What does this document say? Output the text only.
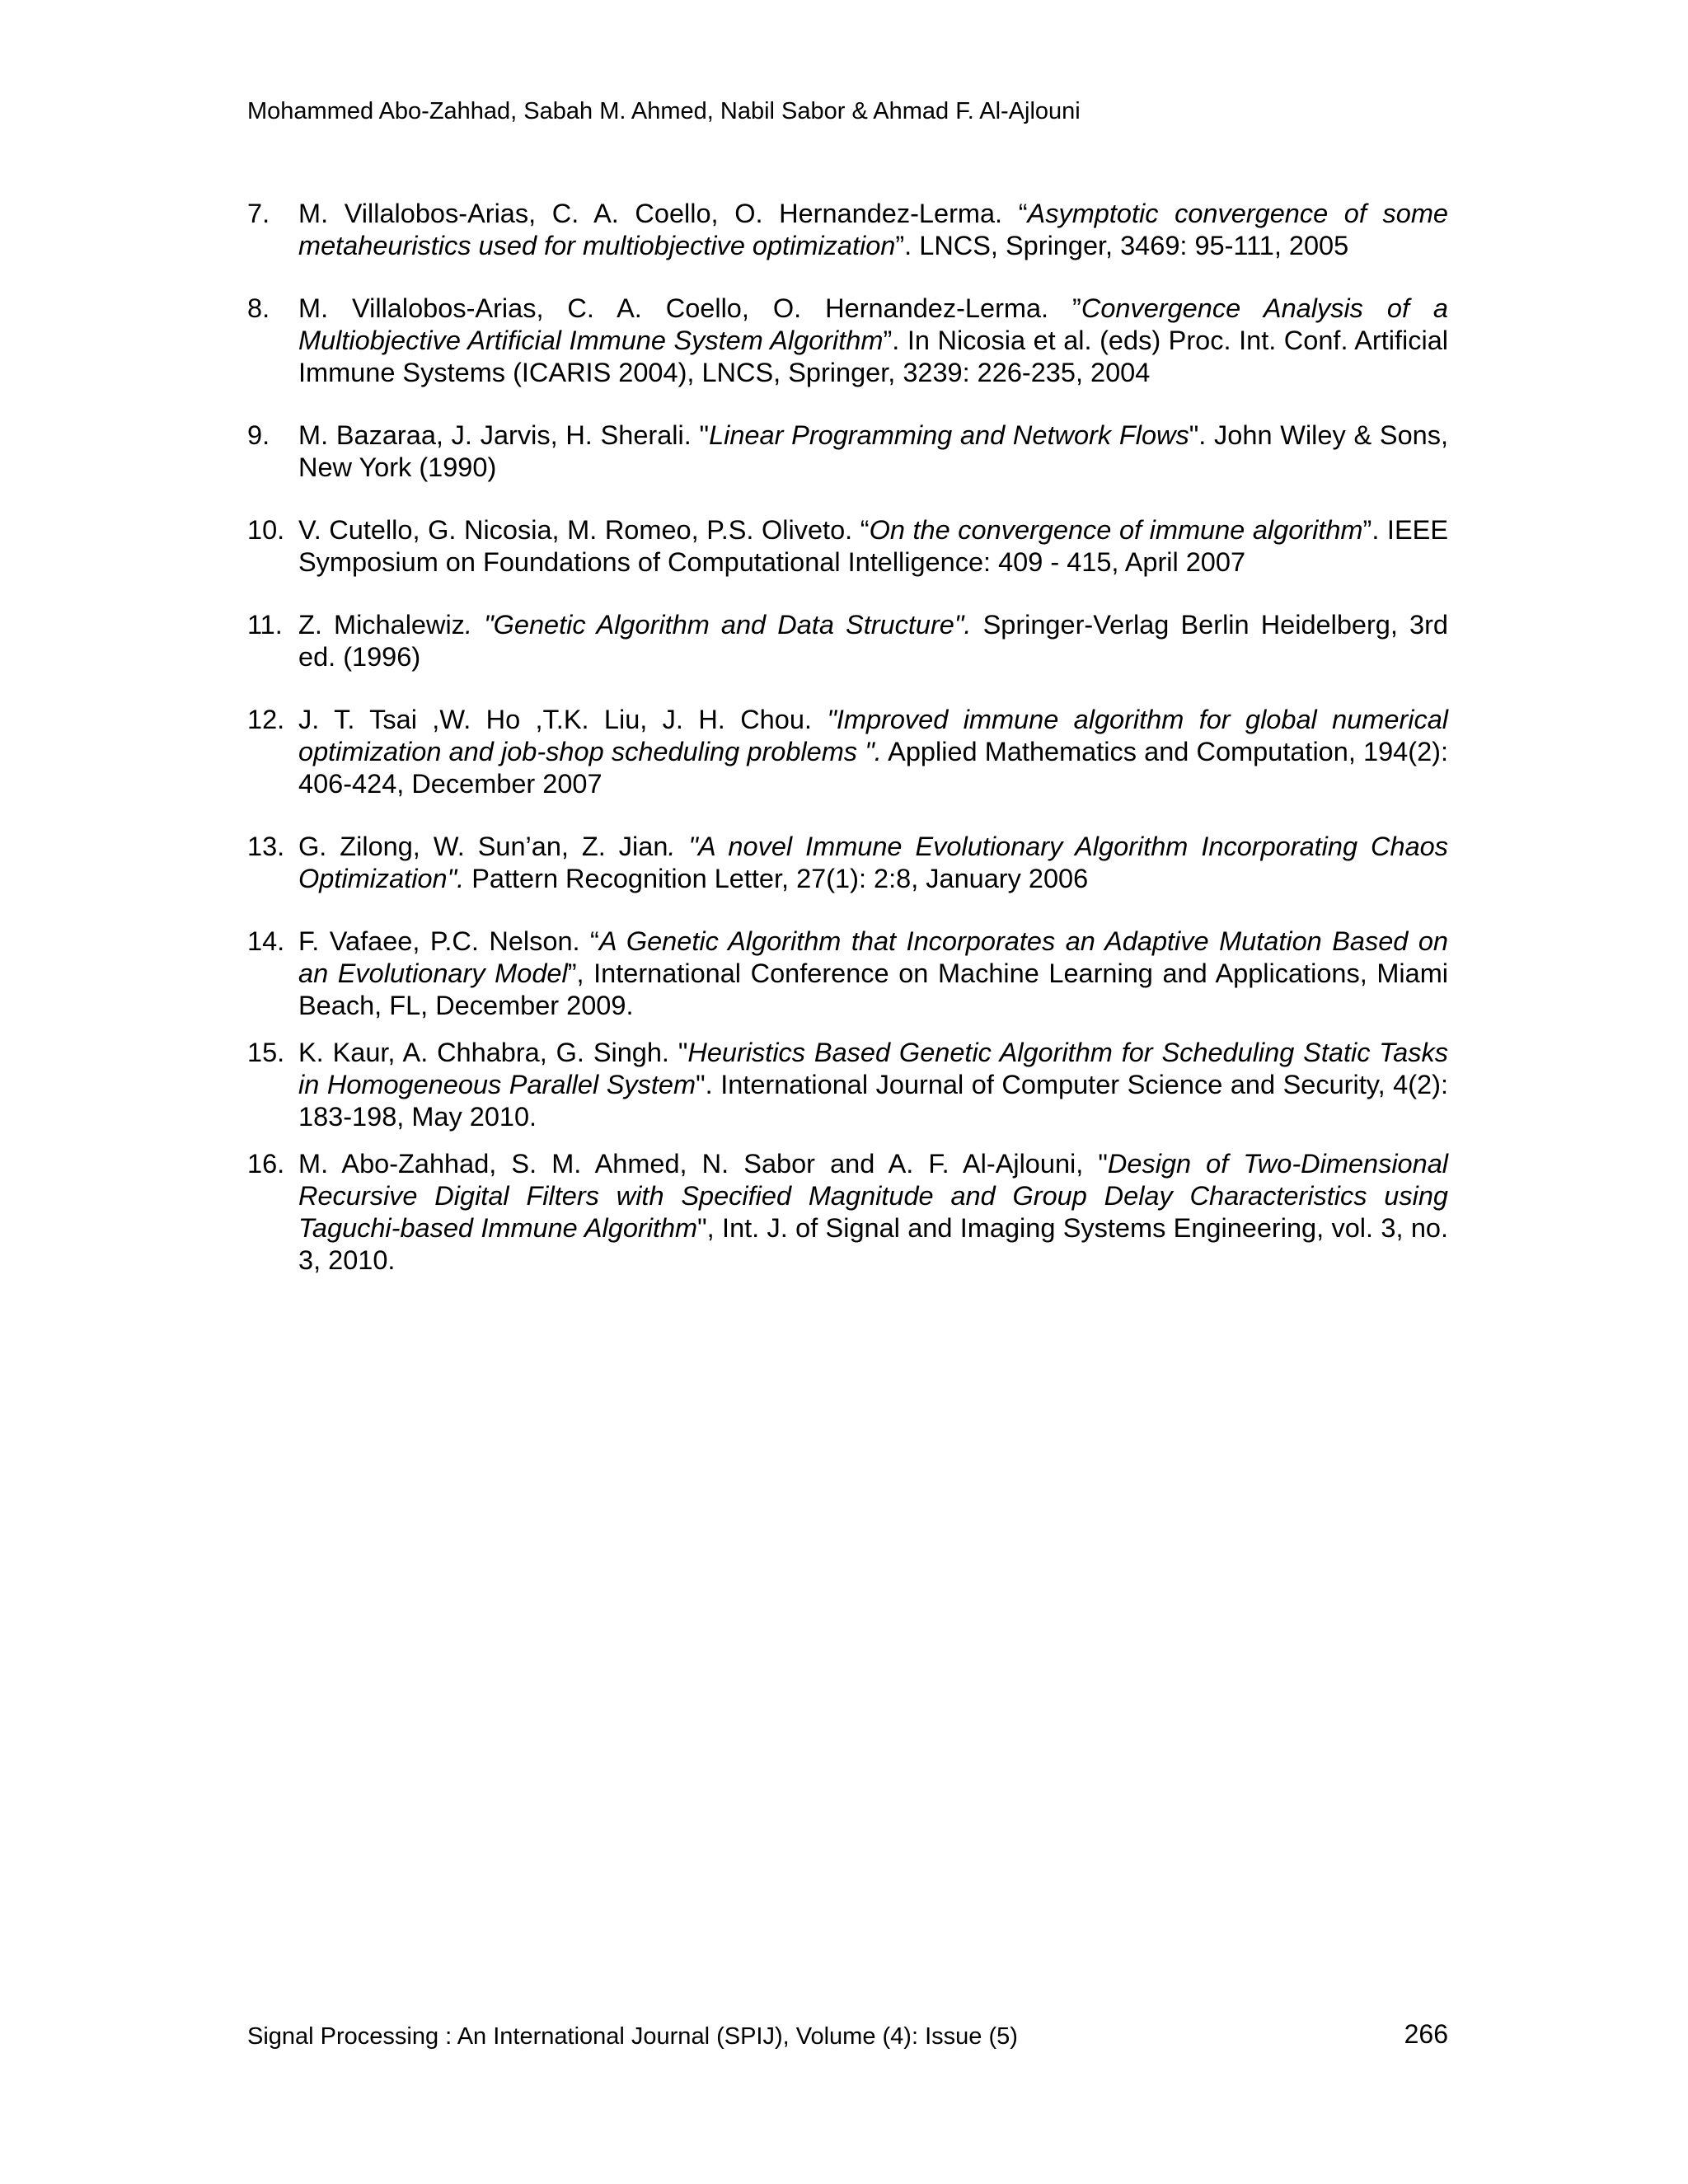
Mohammed Abo-Zahhad, Sabah M. Ahmed, Nabil Sabor & Ahmad F. Al-Ajlouni
7. M. Villalobos-Arias, C. A. Coello, O. Hernandez-Lerma. “Asymptotic convergence of some metaheuristics used for multiobjective optimization”. LNCS, Springer, 3469: 95-111, 2005
8. M. Villalobos-Arias, C. A. Coello, O. Hernandez-Lerma. ”Convergence Analysis of a Multiobjective Artificial Immune System Algorithm”. In Nicosia et al. (eds) Proc. Int. Conf. Artificial Immune Systems (ICARIS 2004), LNCS, Springer, 3239: 226-235, 2004
9. M. Bazaraa, J. Jarvis, H. Sherali. "Linear Programming and Network Flows". John Wiley & Sons, New York (1990)
10. V. Cutello, G. Nicosia, M. Romeo, P.S. Oliveto. “On the convergence of immune algorithm”. IEEE Symposium on Foundations of Computational Intelligence: 409 - 415, April 2007
11. Z. Michalewiz. "Genetic Algorithm and Data Structure". Springer-Verlag Berlin Heidelberg, 3rd ed. (1996)
12. J. T. Tsai ,W. Ho ,T.K. Liu, J. H. Chou. "Improved immune algorithm for global numerical optimization and job-shop scheduling problems ". Applied Mathematics and Computation, 194(2): 406-424, December 2007
13. G. Zilong, W. Sun’an, Z. Jian. "A novel Immune Evolutionary Algorithm Incorporating Chaos Optimization". Pattern Recognition Letter, 27(1): 2:8, January 2006
14. F. Vafaee, P.C. Nelson. “A Genetic Algorithm that Incorporates an Adaptive Mutation Based on an Evolutionary Model”, International Conference on Machine Learning and Applications, Miami Beach, FL, December 2009.
15. K. Kaur, A. Chhabra, G. Singh. "Heuristics Based Genetic Algorithm for Scheduling Static Tasks in Homogeneous Parallel System". International Journal of Computer Science and Security, 4(2): 183-198, May 2010.
16. M. Abo-Zahhad, S. M. Ahmed, N. Sabor and A. F. Al-Ajlouni, "Design of Two-Dimensional Recursive Digital Filters with Specified Magnitude and Group Delay Characteristics using Taguchi-based Immune Algorithm", Int. J. of Signal and Imaging Systems Engineering, vol. 3, no. 3, 2010.
Signal Processing : An International Journal (SPIJ), Volume (4): Issue (5)	266
